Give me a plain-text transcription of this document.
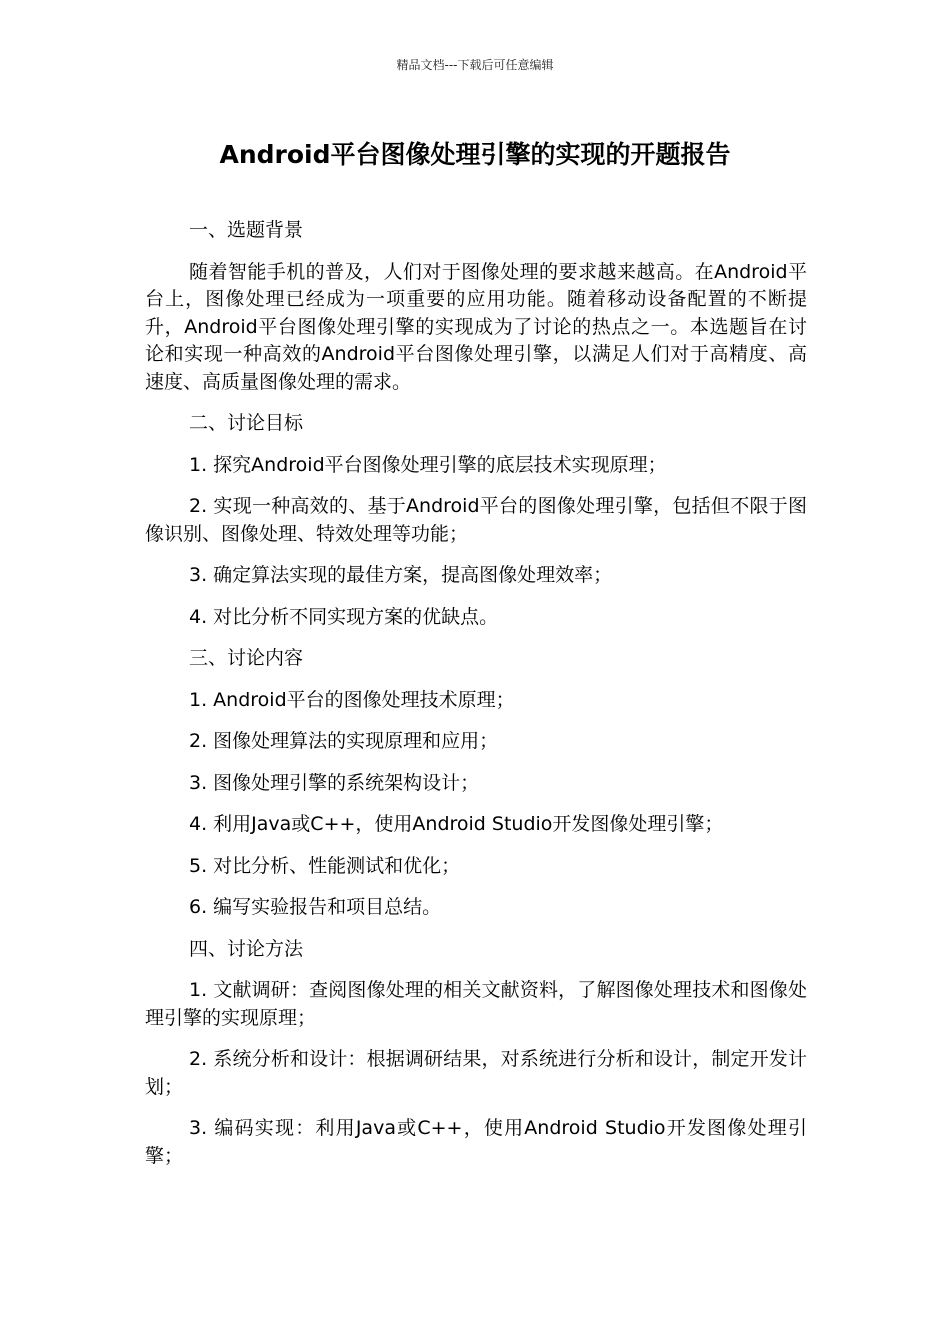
精品文档---下载后可任意编辑
Android平台图像处理引擎的实现的开题报告

一、选题背景

随着智能手机的普及，人们对于图像处理的要求越来越高。在Android平台上，图像处理已经成为一项重要的应用功能。随着移动设备配置的不断提升，Android平台图像处理引擎的实现成为了讨论的热点之一。本选题旨在讨论和实现一种高效的Android平台图像处理引擎，以满足人们对于高精度、高速度、高质量图像处理的需求。

二、讨论目标

1. 探究Android平台图像处理引擎的底层技术实现原理；

2. 实现一种高效的、基于Android平台的图像处理引擎，包括但不限于图像识别、图像处理、特效处理等功能；

3. 确定算法实现的最佳方案，提高图像处理效率；

4. 对比分析不同实现方案的优缺点。

三、讨论内容

1. Android平台的图像处理技术原理；

2. 图像处理算法的实现原理和应用；

3. 图像处理引擎的系统架构设计；

4. 利用Java或C++，使用Android Studio开发图像处理引擎；

5. 对比分析、性能测试和优化；

6. 编写实验报告和项目总结。

四、讨论方法

1. 文献调研：查阅图像处理的相关文献资料，了解图像处理技术和图像处理引擎的实现原理；

2. 系统分析和设计：根据调研结果，对系统进行分析和设计，制定开发计划；

3. 编码实现：利用Java或C++，使用Android Studio开发图像处理引擎；
